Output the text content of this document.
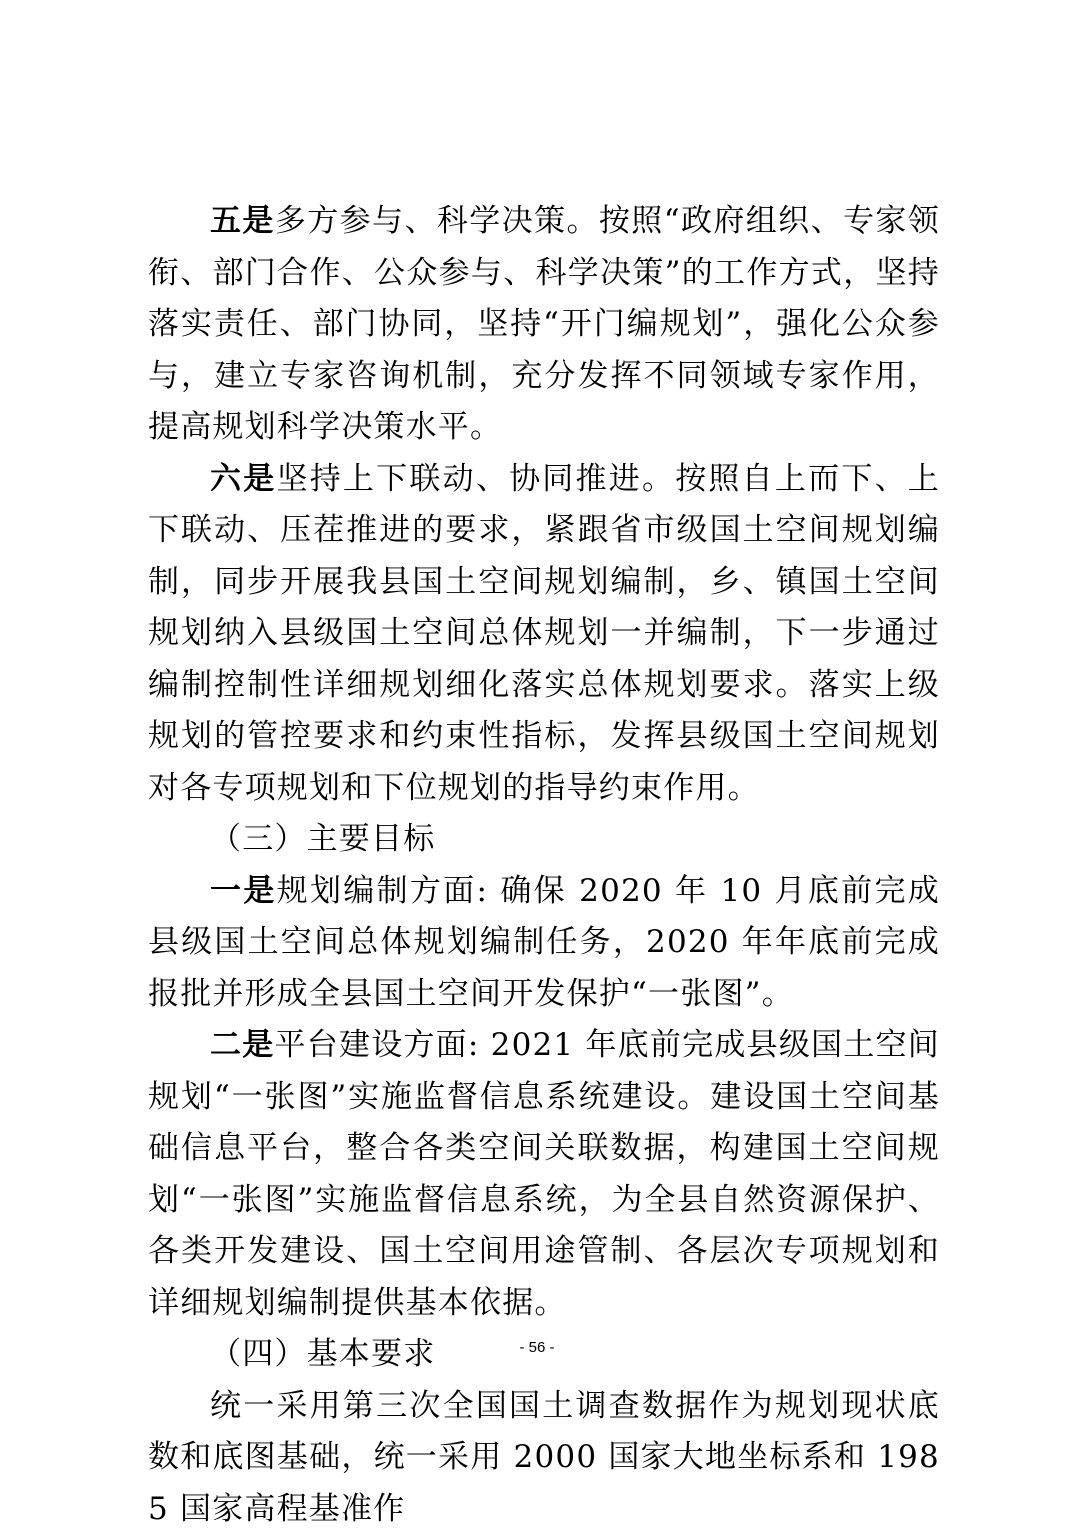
五是多方参与、科学决策。按照“政府组织、专家领衔、部门合作、公众参与、科学决策”的工作方式，坚持落实责任、部门协同，坚持“开门编规划”，强化公众参与，建立专家咨询机制，充分发挥不同领域专家作用，提高规划科学决策水平。

六是坚持上下联动、协同推进。按照自上而下、上下联动、压茬推进的要求，紧跟省市级国土空间规划编制，同步开展我县国土空间规划编制，乡、镇国土空间规划纳入县级国土空间总体规划一并编制，下一步通过编制控制性详细规划细化落实总体规划要求。落实上级规划的管控要求和约束性指标，发挥县级国土空间规划对各专项规划和下位规划的指导约束作用。

（三）主要目标

一是规划编制方面: 确保 2020 年 10 月底前完成县级国土空间总体规划编制任务，2020 年年底前完成报批并形成全县国土空间开发保护“一张图”。

二是平台建设方面: 2021 年底前完成县级国土空间规划“一张图”实施监督信息系统建设。建设国土空间基础信息平台，整合各类空间关联数据，构建国土空间规划“一张图”实施监督信息系统，为全县自然资源保护、各类开发建设、国土空间用途管制、各层次专项规划和详细规划编制提供基本依据。

（四）基本要求

统一采用第三次全国国土调查数据作为规划现状底数和底图基础，统一采用 2000 国家大地坐标系和 1985 国家高程基准作

- 56 -
